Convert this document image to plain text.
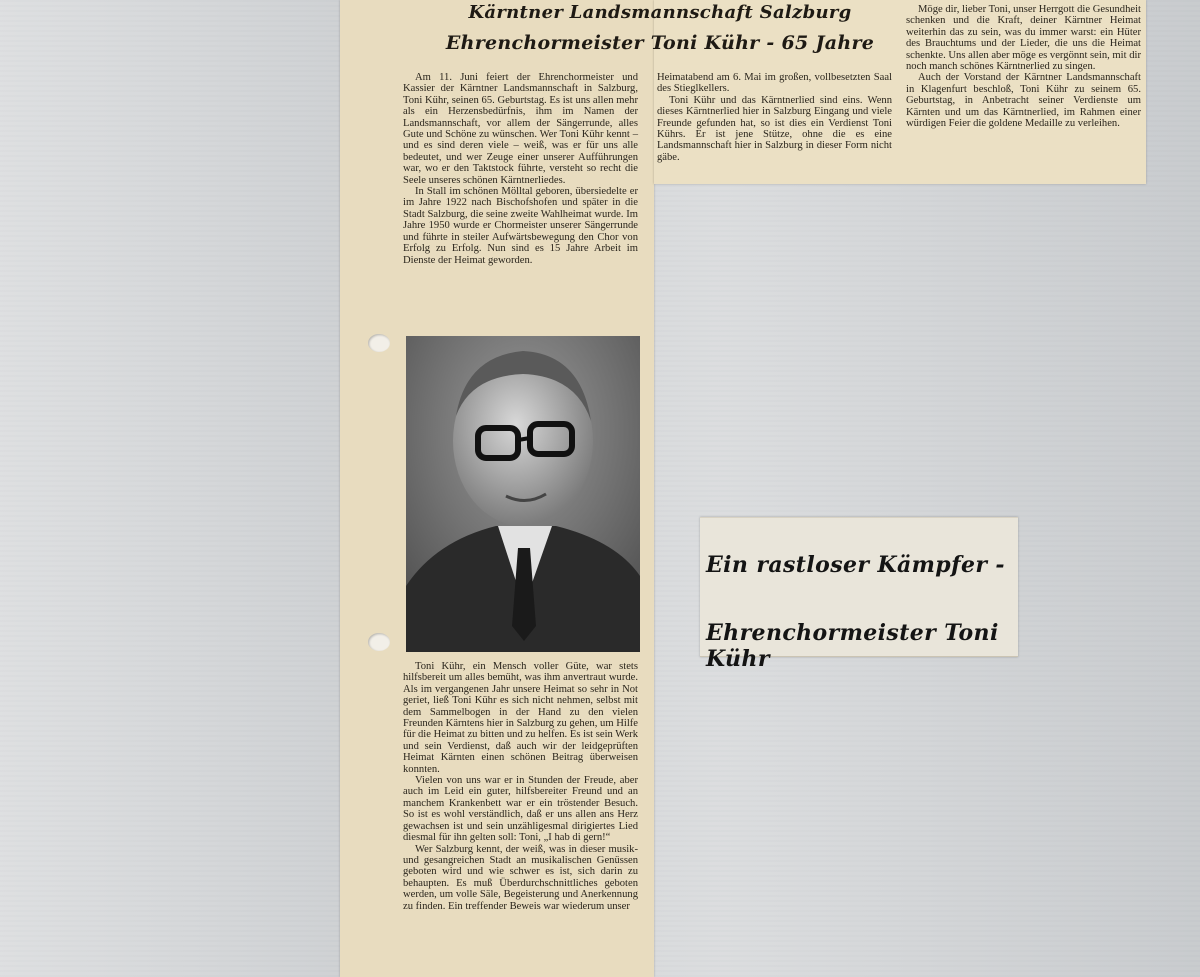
Kärntner Landsmannschaft Salzburg
Ehrenchormeister Toni Kühr - 65 Jahre

Am 11. Juni feiert der Ehrenchormeister und Kassier der Kärntner Landsmannschaft in Salzburg, Toni Kühr, seinen 65. Geburtstag. Es ist uns allen mehr als ein Herzensbedürfnis, ihm im Namen der Landsmannschaft, vor allem der Sängerrunde, alles Gute und Schöne zu wünschen. Wer Toni Kühr kennt – und es sind deren viele – weiß, was er für uns alle bedeutet, und wer Zeuge einer unserer Aufführungen war, wo er den Taktstock führte, versteht so recht die Seele unseres schönen Kärntnerliedes.

In Stall im schönen Mölltal geboren, übersiedelte er im Jahre 1922 nach Bischofshofen und später in die Stadt Salzburg, die seine zweite Wahlheimat wurde. Im Jahre 1950 wurde er Chormeister unserer Sängerrunde und führte in steiler Aufwärtsbewegung den Chor von Erfolg zu Erfolg. Nun sind es 15 Jahre Arbeit im Dienste der Heimat geworden.

Toni Kühr, ein Mensch voller Güte, war stets hilfsbereit um alles bemüht, was ihm anvertraut wurde. Als im vergangenen Jahr unsere Heimat so sehr in Not geriet, ließ Toni Kühr es sich nicht nehmen, selbst mit dem Sammelbogen in der Hand zu den vielen Freunden Kärntens hier in Salzburg zu gehen, um Hilfe für die Heimat zu bitten und zu helfen. Es ist sein Werk und sein Verdienst, daß auch wir der leidgeprüften Heimat Kärnten einen schönen Beitrag überweisen konnten.

Vielen von uns war er in Stunden der Freude, aber auch im Leid ein guter, hilfsbereiter Freund und an manchem Krankenbett war er ein tröstender Besuch. So ist es wohl verständlich, daß er uns allen ans Herz gewachsen ist und sein unzähligesmal dirigiertes Lied diesmal für ihn gelten soll: Toni, „I hab di gern!“

Wer Salzburg kennt, der weiß, was in dieser musik- und gesangreichen Stadt an musikalischen Genüssen geboten wird und wie schwer es ist, sich darin zu behaupten. Es muß Überdurchschnittliches geboten werden, um volle Säle, Begeisterung und Anerkennung zu finden. Ein treffender Beweis war wiederum unser

Heimatabend am 6. Mai im großen, vollbesetzten Saal des Stieglkellers.

Toni Kühr und das Kärntnerlied sind eins. Wenn dieses Kärntnerlied hier in Salzburg Eingang und viele Freunde gefunden hat, so ist dies ein Verdienst Toni Kührs. Er ist jene Stütze, ohne die es eine Landsmannschaft hier in Salzburg in dieser Form nicht gäbe.

Möge dir, lieber Toni, unser Herrgott die Gesundheit schenken und die Kraft, deiner Kärntner Heimat weiterhin das zu sein, was du immer warst: ein Hüter des Brauchtums und der Lieder, die uns die Heimat schenkte. Uns allen aber möge es vergönnt sein, mit dir noch manch schönes Kärntnerlied zu singen.

Auch der Vorstand der Kärntner Landsmannschaft in Klagenfurt beschloß, Toni Kühr zu seinem 65. Geburtstag, in Anbetracht seiner Verdienste um Kärnten und um das Kärntnerlied, im Rahmen einer würdigen Feier die goldene Medaille zu verleihen.

Ein rastloser Kämpfer -
Ehrenchormeister Toni Kühr
